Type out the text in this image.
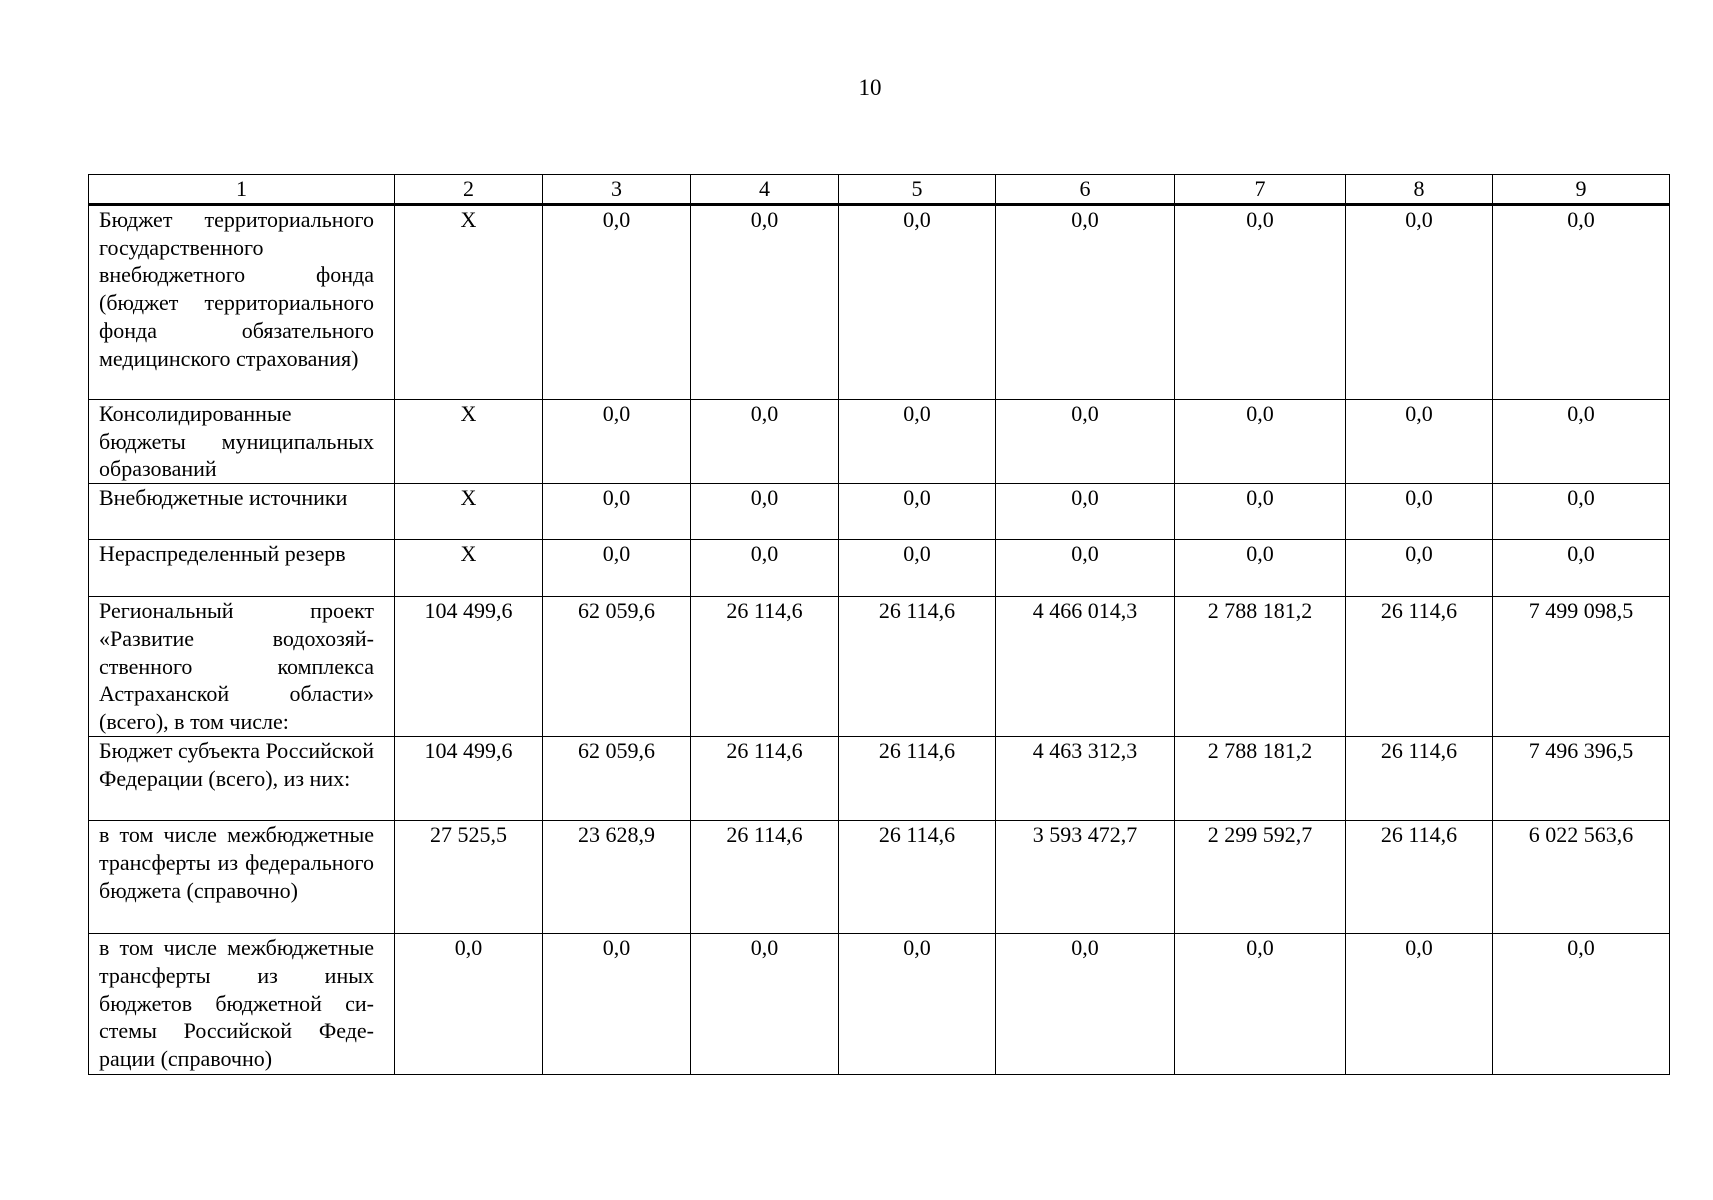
10
1	2	3	4	5	6	7	8	9
Бюджет территориального государственного внебюджетного фонда (бюджет территориального фонда обязательного медицинского страхования)	X	0,0	0,0	0,0	0,0	0,0	0,0	0,0
Консолидированные бюджеты муниципальных образований	X	0,0	0,0	0,0	0,0	0,0	0,0	0,0
Внебюджетные источники	X	0,0	0,0	0,0	0,0	0,0	0,0	0,0
Нераспределенный резерв	X	0,0	0,0	0,0	0,0	0,0	0,0	0,0
Региональный проект «Развитие водохозяйственного комплекса Астраханской области» (всего), в том числе:	104 499,6	62 059,6	26 114,6	26 114,6	4 466 014,3	2 788 181,2	26 114,6	7 499 098,5
Бюджет субъекта Российской Федерации (всего), из них:	104 499,6	62 059,6	26 114,6	26 114,6	4 463 312,3	2 788 181,2	26 114,6	7 496 396,5
в том числе межбюджетные трансферты из федерального бюджета (справочно)	27 525,5	23 628,9	26 114,6	26 114,6	3 593 472,7	2 299 592,7	26 114,6	6 022 563,6
в том числе межбюджетные трансферты из иных бюджетов бюджетной системы Российской Федерации (справочно)	0,0	0,0	0,0	0,0	0,0	0,0	0,0	0,0
